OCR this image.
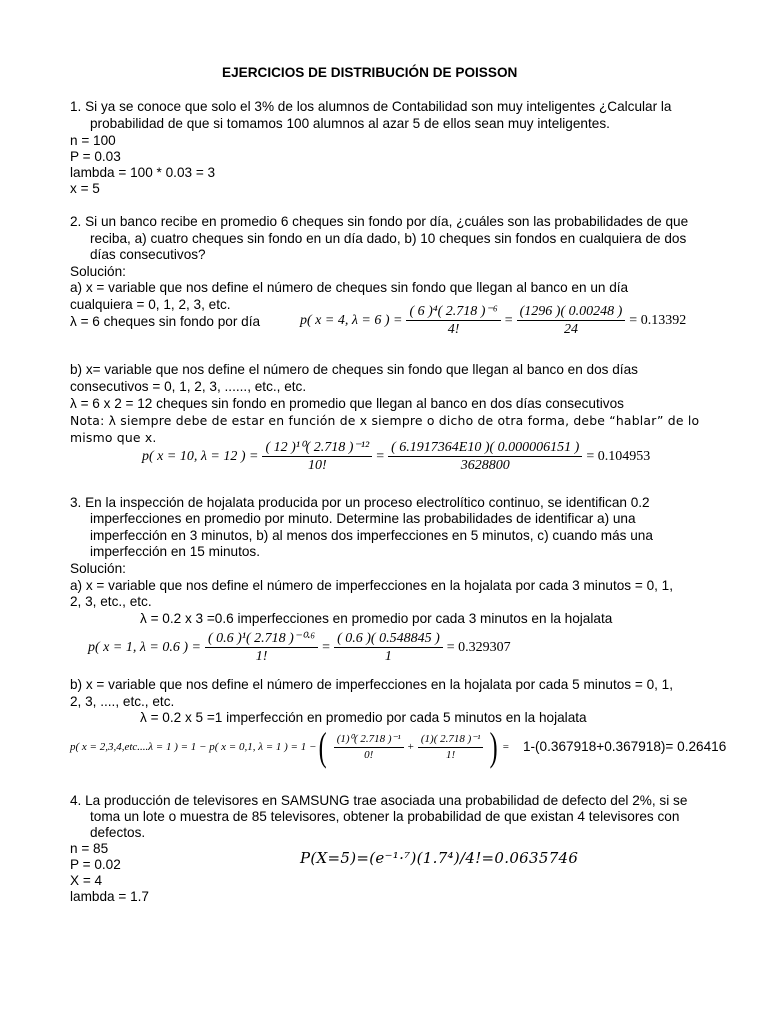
EJERCICIOS DE DISTRIBUCIÓN DE POISSON
1. Si ya se conoce que solo el 3% de los alumnos de Contabilidad son muy inteligentes ¿Calcular la
probabilidad de que si tomamos 100 alumnos al azar 5 de ellos sean muy inteligentes.
n = 100
P = 0.03
lambda = 100 * 0.03 = 3
x = 5
2. Si un banco recibe en promedio 6 cheques sin fondo por día, ¿cuáles son las probabilidades de que
reciba, a) cuatro cheques sin fondo en un día dado, b) 10 cheques sin fondos en cualquiera de dos
días consecutivos?
Solución:
a) x = variable que nos define el número de cheques sin fondo que llegan al banco en un día
cualquiera = 0, 1, 2, 3, etc.
λ = 6 cheques sin fondo por día	p( x = 4, λ = 6 ) = $\frac{\text{( 6 )⁴( 2.718 )⁻⁶}}{4!} = \frac{(1296 )( 0.00248 )}{24} = 0.13392$
b) x= variable que nos define el número de cheques sin fondo que llegan al banco en dos días
consecutivos = 0, 1, 2, 3, ......, etc., etc.
λ = 6 x 2 = 12 cheques sin fondo en promedio que llegan al banco en dos días consecutivos
Nota: λ siempre debe de estar en función de x siempre o dicho de otra forma, debe “hablar” de lo
mismo que x.
p( x = 10, λ = 12 ) = $\frac{\text{( 12 )¹⁰( 2.718 )⁻¹²}}{10!} = \frac{( 6.1917364E10 )( 0.000006151 )}{3628800} = 0.104953$
3. En la inspección de hojalata producida por un proceso electrolítico continuo, se identifican 0.2
imperfecciones en promedio por minuto. Determine las probabilidades de identificar a) una
imperfección en 3 minutos, b) al menos dos imperfecciones en 5 minutos, c) cuando más una
imperfección en 15 minutos.
Solución:
a) x = variable que nos define el número de imperfecciones en la hojalata por cada 3 minutos = 0, 1,
2, 3, etc., etc.
λ = 0.2 x 3 =0.6 imperfecciones en promedio por cada 3 minutos en la hojalata
p( x = 1, λ = 0.6 ) = $\frac{\text{( 0.6 )¹( 2.718 )⁻⁰·⁶}}{1!} = \frac{( 0.6 )( 0.548845 )}{1} = 0.329307$
b) x = variable que nos define el número de imperfecciones en la hojalata por cada 5 minutos = 0, 1,
2, 3, ...., etc., etc.
λ = 0.2 x 5 =1 imperfección en promedio por cada 5 minutos en la hojalata
p( x = 2,3,4,etc....λ = 1 ) = 1 − p( x = 0,1, λ = 1 ) = 1 − ( $\frac{\text{(1)⁰( 2.718 )⁻¹}}{0!} + \frac{\text{(1)( 2.718 )⁻¹}}{1!}$ ) = 1-(0.367918+0.367918)= 0.26416
4. La producción de televisores en SAMSUNG trae asociada una probabilidad de defecto del 2%, si se
toma un lote o muestra de 85 televisores, obtener la probabilidad de que existan 4 televisores con
defectos.
n = 85
P = 0.02
X = 4
lambda = 1.7
P(X=5)=(e⁻¹·⁷)(1.7⁴)/4!=0.0635746
